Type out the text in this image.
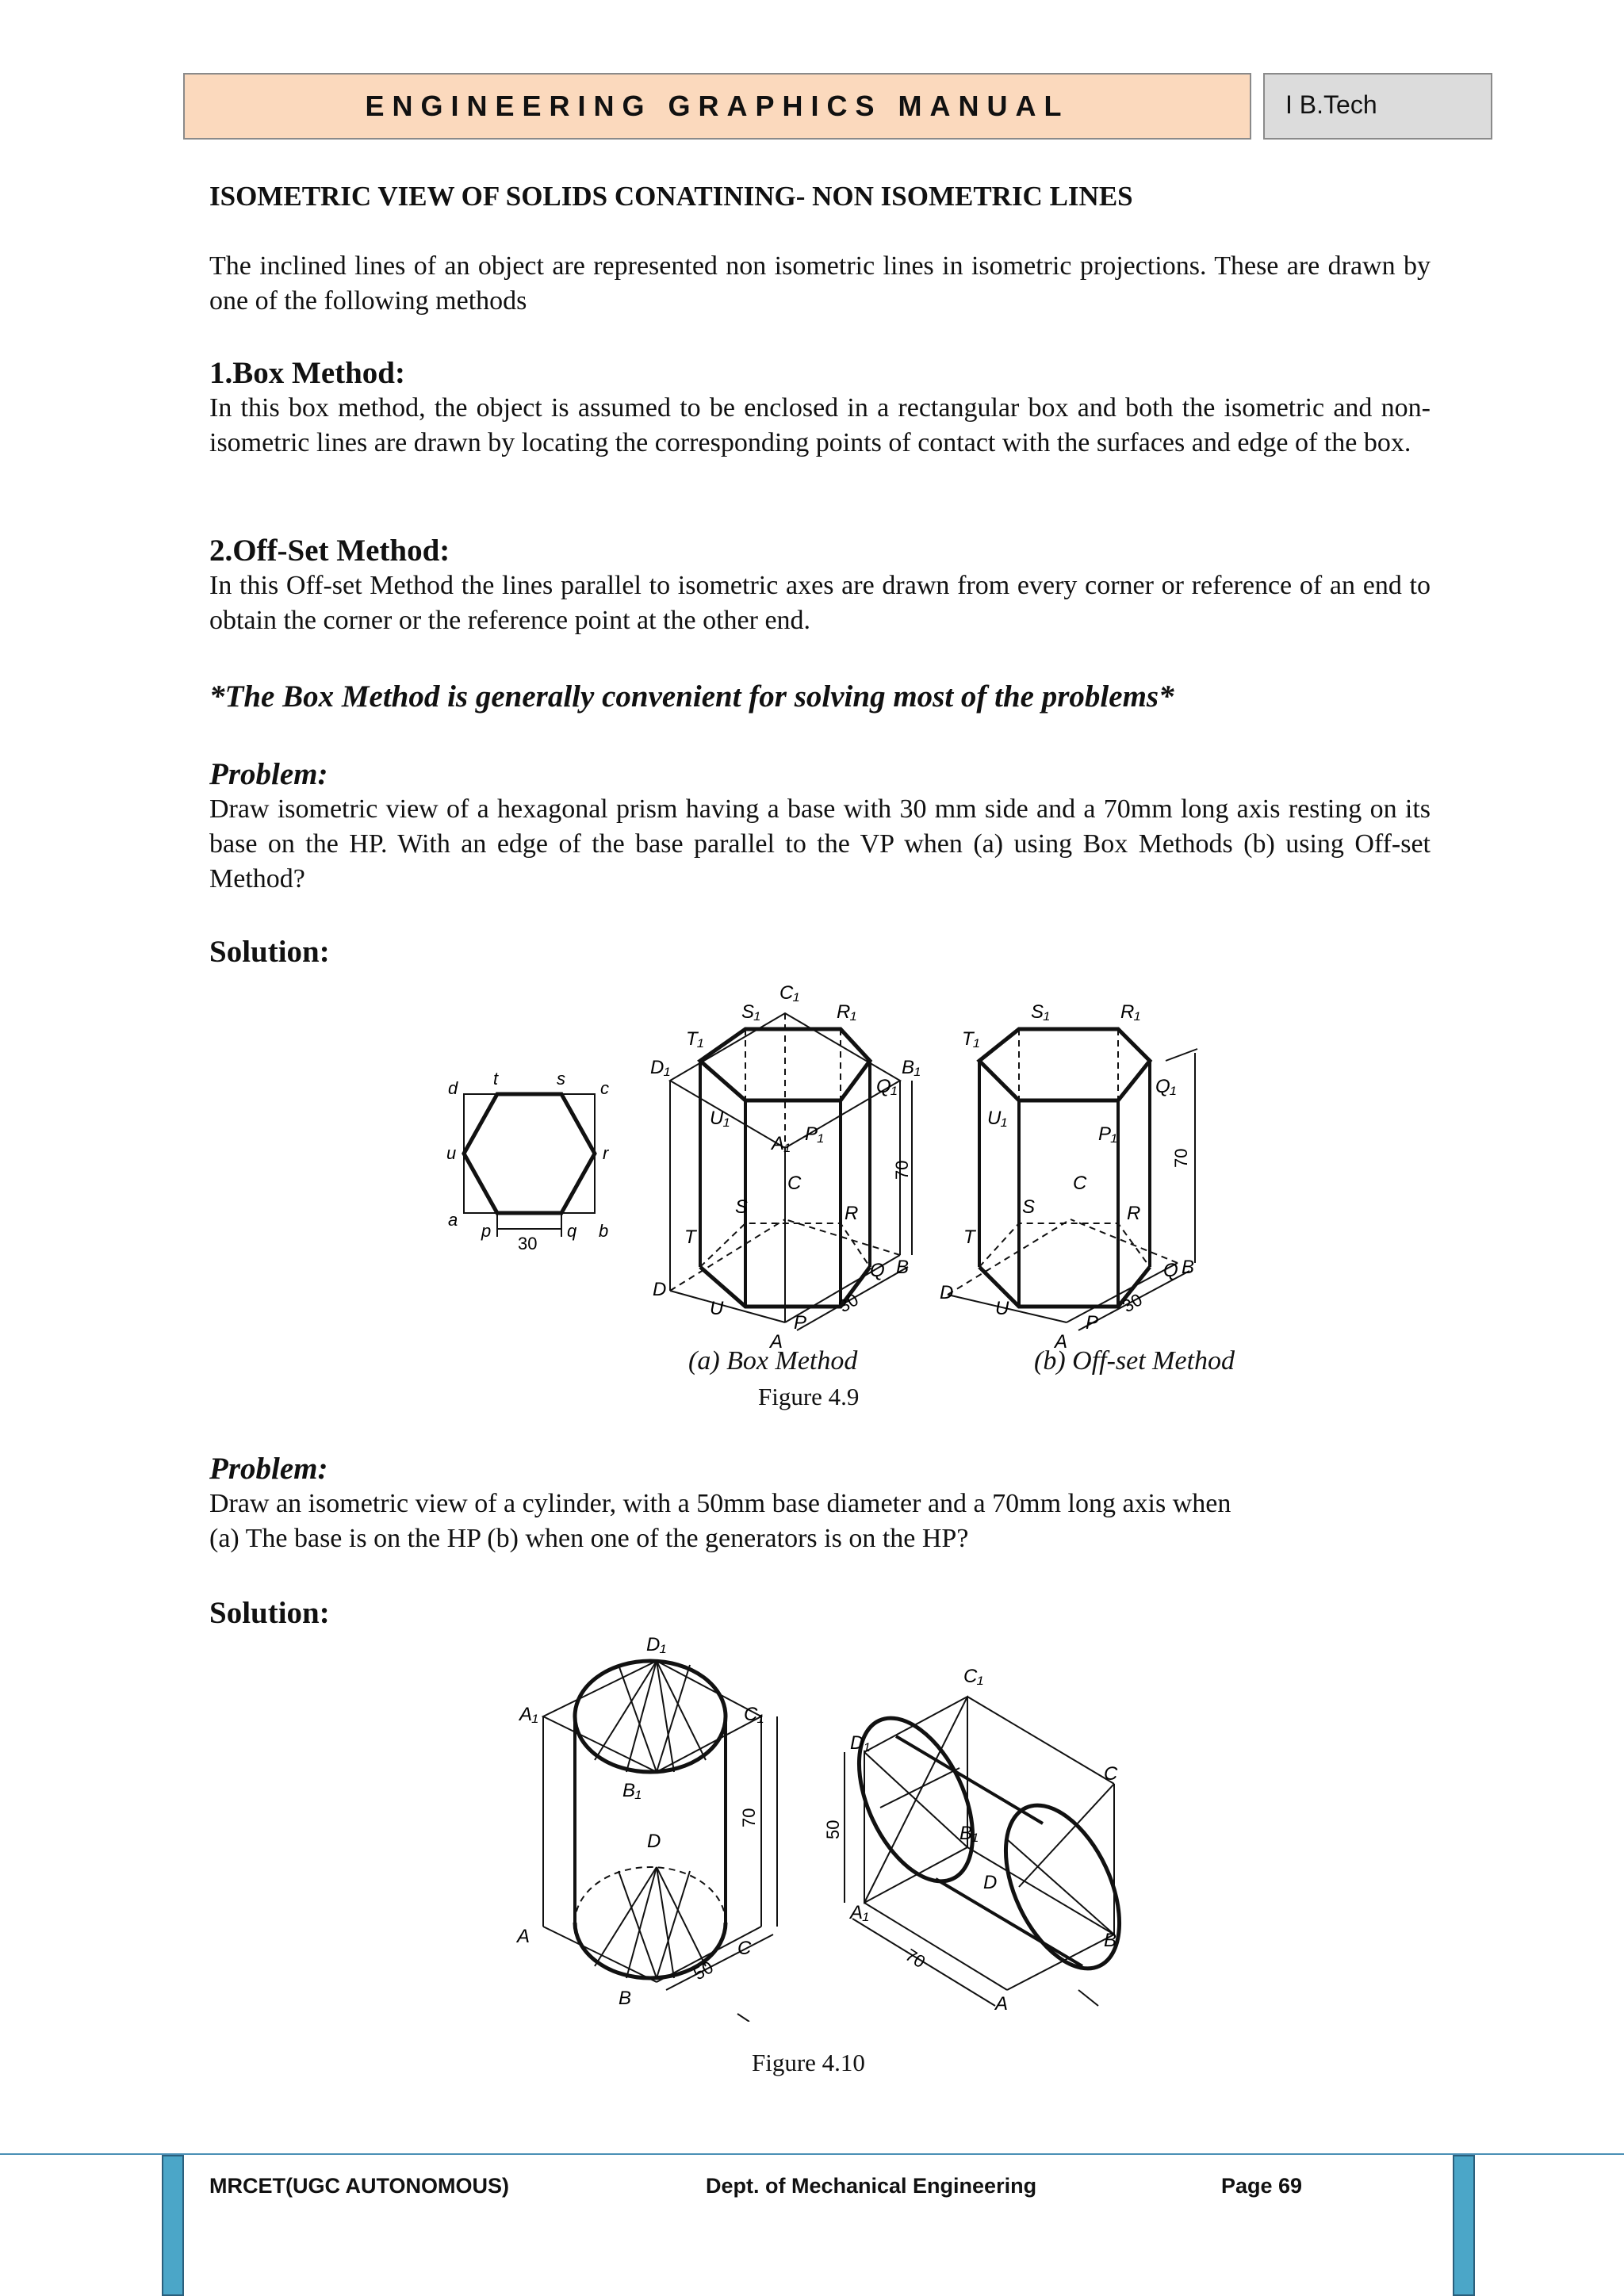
ENGINEERING GRAPHICS MANUAL	I B.Tech

ISOMETRIC VIEW OF SOLIDS CONATINING- NON ISOMETRIC LINES

The inclined lines of an object are represented non isometric lines in isometric projections. These are drawn by one of the following methods

1.Box Method:

In this box method, the object is assumed to be enclosed in a rectangular box and both the isometric and non-isometric lines are drawn by locating the corresponding points of contact with the surfaces and edge of the box.

2.Off-Set Method:

In this Off-set Method the lines parallel to isometric axes are drawn from every corner or reference of an end to obtain the corner or the reference point at the other end.

*The Box Method is generally convenient for solving most of the problems*

Problem:

Draw isometric view of a hexagonal prism having a base with 30 mm side and a 70mm long axis resting on its base on the HP. With an edge of the base parallel to the VP when (a) using Box Methods (b) using Off-set Method?

Solution:

d t	s c
u	r
a
p	q b
30
C₁
S₁	R₁
T₁
D₁	B₁
Q₁
U₁
A₁ P₁
S
C
R
T
D
U
A
P
Q B
70
30
S₁	R₁
T₁
Q₁
U₁
P₁
S
C
R
T
D
U
A
P
Q B
70
30
(a) Box Method	(b) Off-set Method
Figure 4.9

Problem:

Draw an isometric view of a cylinder, with a 50mm base diameter and a 70mm long axis when

(a) The base is on the HP (b) when one of the generators is on the HP?

Solution:

D₁
A₁	C₁
B₁
D
A
C
B
70
50
C₁
D₁
C
B₁
D
A₁
B
A
50
70
Figure 4.10
MRCET(UGC AUTONOMOUS)	Dept. of Mechanical Engineering	Page 69
